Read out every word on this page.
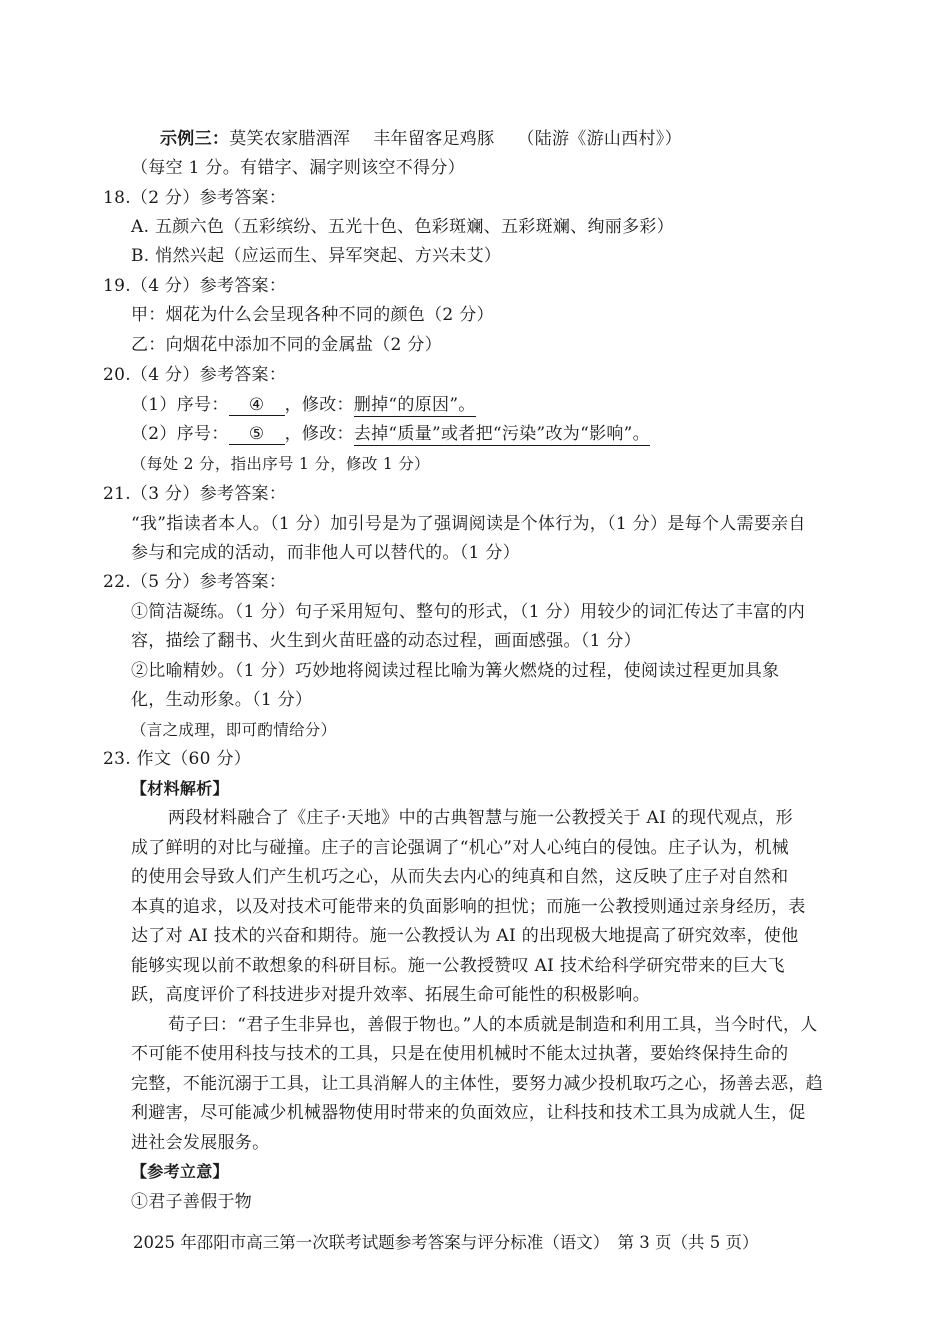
示例三：莫笑农家腊酒浑　 丰年留客足鸡豚　 （陆游《游山西村》）
（每空 1 分。有错字、漏字则该空不得分）
18.（2 分）参考答案：
A. 五颜六色（五彩缤纷、五光十色、色彩斑斓、五彩斑斓、绚丽多彩）
B. 悄然兴起（应运而生、异军突起、方兴未艾）
19.（4 分）参考答案：
甲：烟花为什么会呈现各种不同的颜色（2 分）
乙：向烟花中添加不同的金属盐（2 分）
20.（4 分）参考答案：
（1）序号： ④ ，修改：删掉“的原因”。
（2）序号： ⑤ ，修改：去掉“质量”或者把“污染”改为“影响”。
（每处 2 分，指出序号 1 分，修改 1 分）
21.（3 分）参考答案：
“我”指读者本人。（1 分）加引号是为了强调阅读是个体行为，（1 分）是每个人需要亲自
参与和完成的活动，而非他人可以替代的。（1 分）
22.（5 分）参考答案：
①简洁凝练。（1 分）句子采用短句、整句的形式，（1 分）用较少的词汇传达了丰富的内
容，描绘了翻书、火生到火苗旺盛的动态过程，画面感强。（1 分）
②比喻精妙。（1 分）巧妙地将阅读过程比喻为篝火燃烧的过程，使阅读过程更加具象
化，生动形象。（1 分）
（言之成理，即可酌情给分）
23. 作文（60 分）
【材料解析】
两段材料融合了《庄子·天地》中的古典智慧与施一公教授关于 AI 的现代观点，形
成了鲜明的对比与碰撞。庄子的言论强调了“机心”对人心纯白的侵蚀。庄子认为，机械
的使用会导致人们产生机巧之心，从而失去内心的纯真和自然，这反映了庄子对自然和
本真的追求，以及对技术可能带来的负面影响的担忧；而施一公教授则通过亲身经历，表
达了对 AI 技术的兴奋和期待。施一公教授认为 AI 的出现极大地提高了研究效率，使他
能够实现以前不敢想象的科研目标。施一公教授赞叹 AI 技术给科学研究带来的巨大飞
跃，高度评价了科技进步对提升效率、拓展生命可能性的积极影响。
荀子曰：“君子生非异也，善假于物也。”人的本质就是制造和利用工具，当今时代，人
不可能不使用科技与技术的工具，只是在使用机械时不能太过执著，要始终保持生命的
完整，不能沉溺于工具，让工具消解人的主体性，要努力减少投机取巧之心，扬善去恶，趋
利避害，尽可能减少机械器物使用时带来的负面效应，让科技和技术工具为成就人生，促
进社会发展服务。
【参考立意】
①君子善假于物
2025 年邵阳市高三第一次联考试题参考答案与评分标准（语文）　第 3 页（共 5 页）
